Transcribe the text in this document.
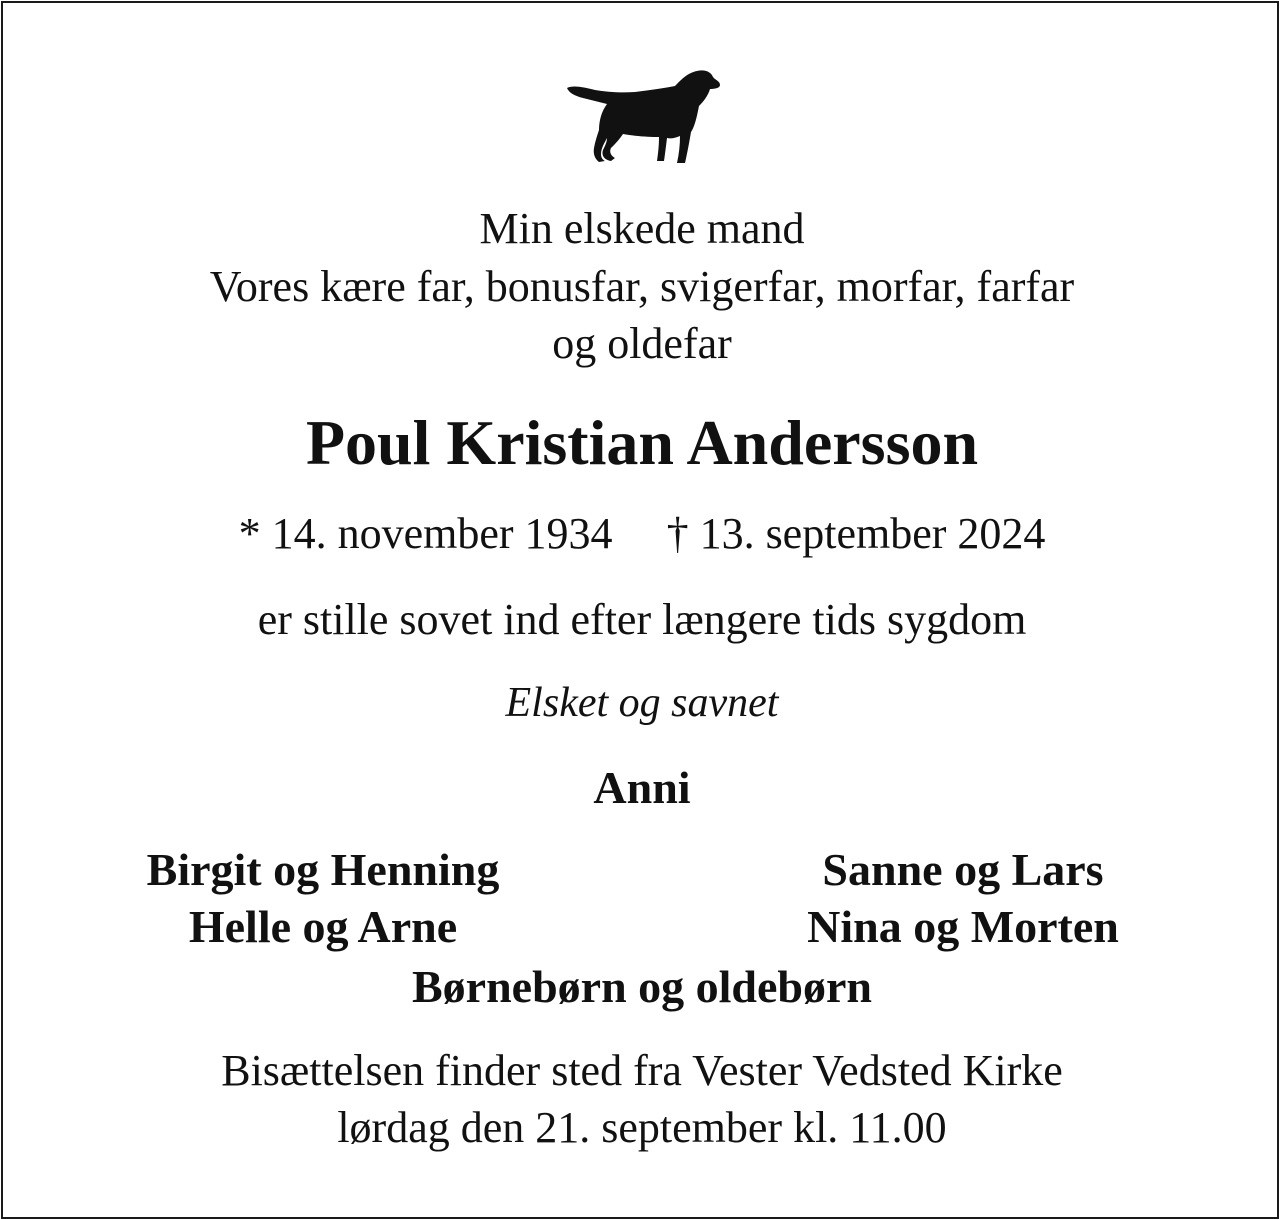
Min elskede mand
Vores kære far, bonusfar, svigerfar, morfar, farfar
og oldefar
Poul Kristian Andersson
* 14. november 1934 † 13. september 2024
er stille sovet ind efter længere tids sygdom
Elsket og savnet
Anni
Birgit og Henning
Helle og Arne
Sanne og Lars
Nina og Morten
Børnebørn og oldebørn
Bisættelsen finder sted fra Vester Vedsted Kirke
lørdag den 21. september kl. 11.00
